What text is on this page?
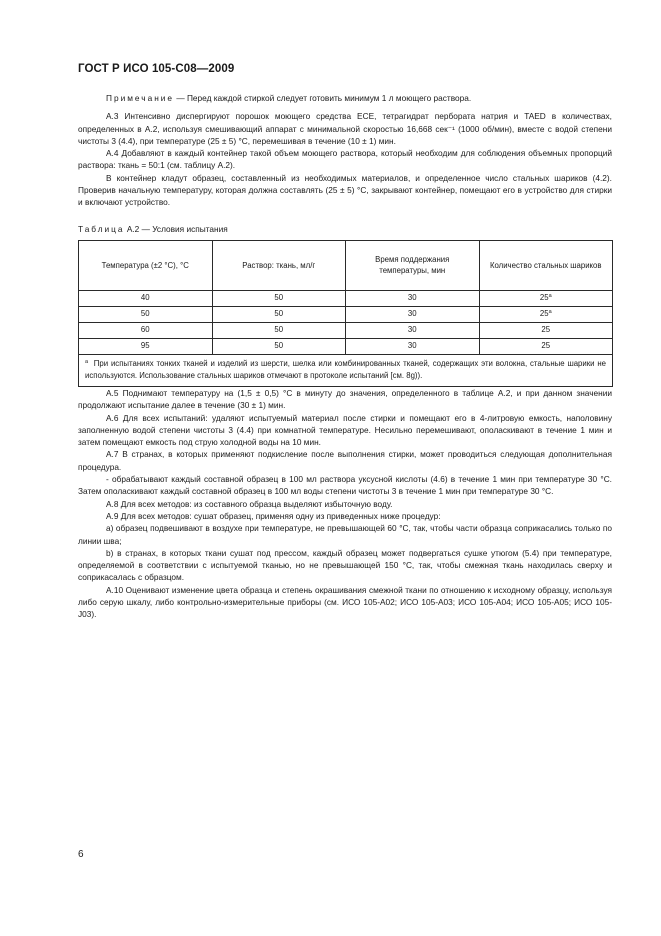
ГОСТ Р ИСО 105-С08—2009

Примечание — Перед каждой стиркой следует готовить минимум 1 л моющего раствора.

А.3 Интенсивно диспергируют порошок моющего средства ЕСЕ, тетрагидрат пербората натрия и TAED в количествах, определенных в А.2, используя смешивающий аппарат с минимальной скоростью 16,668 сек⁻¹ (1000 об/мин), вместе с водой степени чистоты 3 (4.4), при температуре (25 ± 5) °С, перемешивая в течение (10 ± 1) мин.

А.4 Добавляют в каждый контейнер такой объем моющего раствора, который необходим для соблюдения объемных пропорций раствора: ткань = 50:1 (см. таблицу А.2).

В контейнер кладут образец, составленный из необходимых материалов, и определенное число стальных шариков (4.2). Проверив начальную температуру, которая должна составлять (25 ± 5) °С, закрывают контейнер, помещают его в устройство для стирки и включают устройство.

Таблица А.2 — Условия испытания
Температура (±2 °С), °С	Раствор: ткань, мл/г	Время поддержания температуры, мин	Количество стальных шариков
40	50	30	$25^а$
50	50	30	$25^а$
60	50	30	25
95	50	30	25
$^а$ При испытаниях тонких тканей и изделий из шерсти, шелка или комбинированных тканей, содержащих эти волокна, стальные шарики не используются. Использование стальных шариков отмечают в протоколе испытаний [см. 8g)).			

А.5 Поднимают температуру на (1,5 ± 0,5) °С в минуту до значения, определенного в таблице А.2, и при данном значении продолжают испытание далее в течение (30 ± 1) мин.

А.6 Для всех испытаний: удаляют испытуемый материал после стирки и помещают его в 4-литровую емкость, наполовину заполненную водой степени чистоты 3 (4.4) при комнатной температуре. Несильно перемешивают, ополаскивают в течение 1 мин и затем помещают емкость под струю холодной воды на 10 мин.

А.7 В странах, в которых применяют подкисление после выполнения стирки, может проводиться следующая дополнительная процедура.

- обрабатывают каждый составной образец в 100 мл раствора уксусной кислоты (4.6) в течение 1 мин при температуре 30 °С. Затем ополаскивают каждый составной образец в 100 мл воды степени чистоты 3 в течение 1 мин при температуре 30 °С.

А.8 Для всех методов: из составного образца выделяют избыточную воду.

А.9 Для всех методов: сушат образец, применяя одну из приведенных ниже процедур:

а) образец подвешивают в воздухе при температуре, не превышающей 60 °С, так, чтобы части образца соприкасались только по линии шва;

b) в странах, в которых ткани сушат под прессом, каждый образец может подвергаться сушке утюгом (5.4) при температуре, определяемой в соответствии с испытуемой тканью, но не превышающей 150 °С, так, чтобы смежная ткань находилась сверху и соприкасалась с образцом.

А.10 Оценивают изменение цвета образца и степень окрашивания смежной ткани по отношению к исходному образцу, используя либо серую шкалу, либо контрольно-измерительные приборы (см. ИСО 105-А02; ИСО 105-А03; ИСО 105-А04; ИСО 105-А05; ИСО 105-J03).

6
